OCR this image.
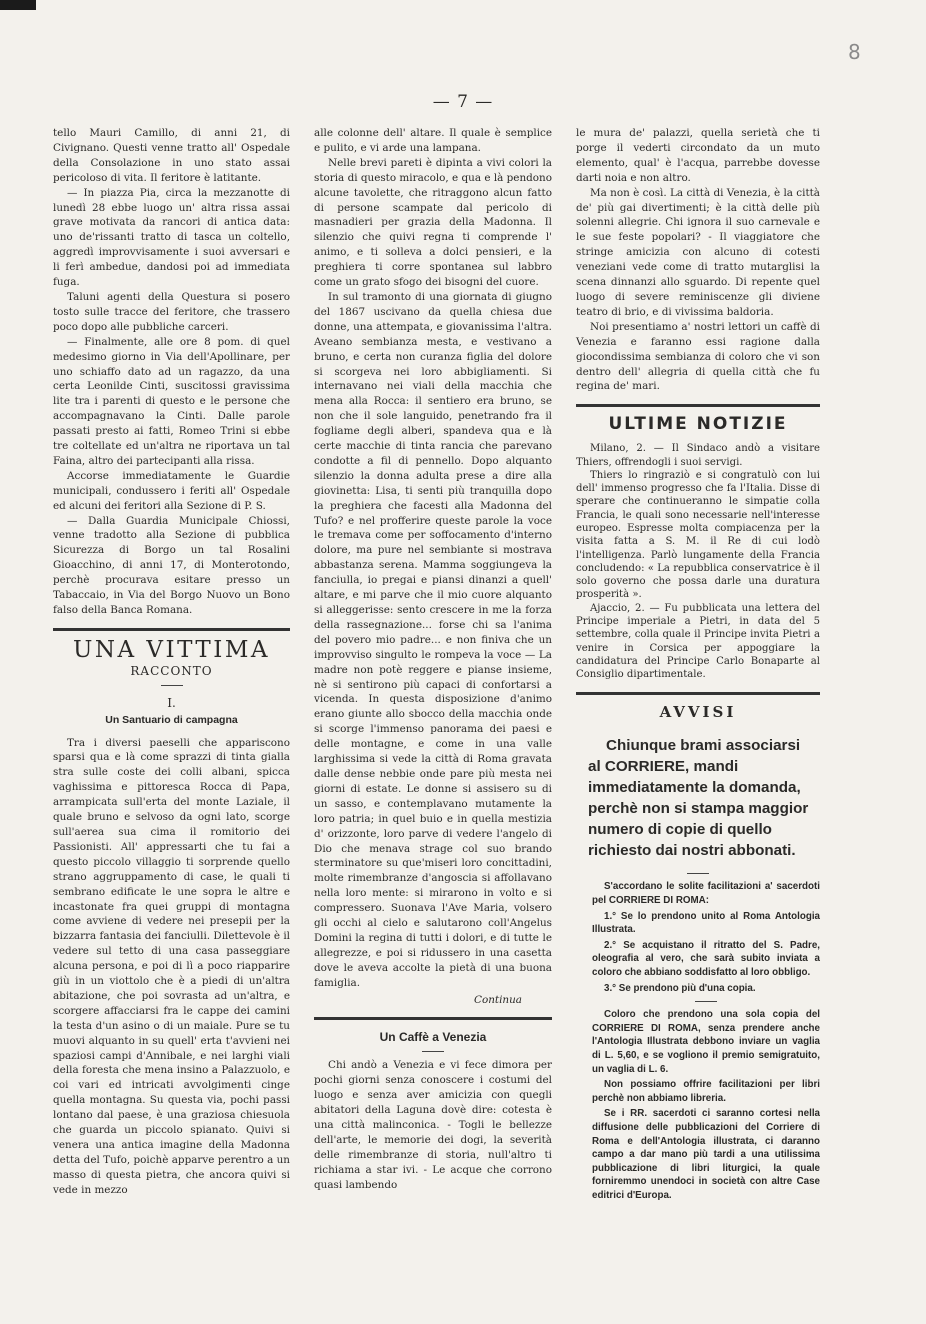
8
— 7 —

tello Mauri Camillo, di anni 21, di Civignano. Questi venne tratto all' Ospedale della Consolazione in uno stato assai pericoloso di vita. Il feritore è latitante.

— In piazza Pia, circa la mezzanotte di lunedì 28 ebbe luogo un' altra rissa assai grave motivata da rancori di antica data: uno de'rissanti tratto di tasca un coltello, aggredì improvvisamente i suoi avversari e li ferì ambedue, dandosi poi ad immediata fuga.

Taluni agenti della Questura si posero tosto sulle tracce del feritore, che trassero poco dopo alle pubbliche carceri.

— Finalmente, alle ore 8 pom. di quel medesimo giorno in Via dell'Apollinare, per uno schiaffo dato ad un ragazzo, da una certa Leonilde Cinti, suscitossi gravissima lite tra i parenti di questo e le persone che accompagnavano la Cinti. Dalle parole passati presto ai fatti, Romeo Trini si ebbe tre coltellate ed un'altra ne riportava un tal Faina, altro dei partecipanti alla rissa.

Accorse immediatamente le Guardie municipali, condussero i feriti all' Ospedale ed alcuni dei feritori alla Sezione di P. S.

— Dalla Guardia Municipale Chiossi, venne tradotto alla Sezione di pubblica Sicurezza di Borgo un tal Rosalini Gioacchino, di anni 17, di Monterotondo, perchè procurava esitare presso un Tabaccaio, in Via del Borgo Nuovo un Bono falso della Banca Romana.

UNA VITTIMA
RACCONTO
I.
Un Santuario di campagna

Tra i diversi paeselli che appariscono sparsi qua e là come sprazzi di tinta gialla stra sulle coste dei colli albani, spicca vaghissima e pittoresca Rocca di Papa, arrampicata sull'erta del monte Laziale, il quale bruno e selvoso da ogni lato, scorge sull'aerea sua cima il romitorio dei Passionisti. All' appressarti che tu fai a questo piccolo villaggio ti sorprende quello strano aggruppamento di case, le quali ti sembrano edificate le une sopra le altre e incastonate fra quei gruppi di montagna come avviene di vedere nei presepii per la bizzarra fantasia dei fanciulli. Dilettevole è il vedere sul tetto di una casa passeggiare alcuna persona, e poi di lì a poco riapparire giù in un viottolo che è a piedi di un'altra abitazione, che poi sovrasta ad un'altra, e scorgere affacciarsi fra le cappe dei camini la testa d'un asino o di un maiale. Pure se tu muovi alquanto in su quell' erta t'avvieni nei spaziosi campi d'Annibale, e nei larghi viali della foresta che mena insino a Palazzuolo, e coi vari ed intricati avvolgimenti cinge quella montagna. Su questa via, pochi passi lontano dal paese, è una graziosa chiesuola che guarda un piccolo spianato. Quivi si venera una antica imagine della Madonna detta del Tufo, poichè apparve perentro a un masso di questa pietra, che ancora quivi si vede in mezzo

alle colonne dell' altare. Il quale è semplice e pulito, e vi arde una lampana.

Nelle brevi pareti è dipinta a vivi colori la storia di questo miracolo, e qua e là pendono alcune tavolette, che ritraggono alcun fatto di persone scampate dal pericolo di masnadieri per grazia della Madonna. Il silenzio che quivi regna ti comprende l' animo, e ti solleva a dolci pensieri, e la preghiera ti corre spontanea sul labbro come un grato sfogo dei bisogni del cuore.

In sul tramonto di una giornata di giugno del 1867 uscivano da quella chiesa due donne, una attempata, e giovanissima l'altra. Aveano sembianza mesta, e vestivano a bruno, e certa non curanza figlia del dolore si scorgeva nei loro abbigliamenti. Si internavano nei viali della macchia che mena alla Rocca: il sentiero era bruno, se non che il sole languido, penetrando fra il fogliame degli alberi, spandeva qua e là certe macchie di tinta rancia che parevano condotte a fil di pennello. Dopo alquanto silenzio la donna adulta prese a dire alla giovinetta: Lisa, ti senti più tranquilla dopo la preghiera che facesti alla Madonna del Tufo? e nel profferire queste parole la voce le tremava come per soffocamento d'interno dolore, ma pure nel sembiante si mostrava abbastanza serena. Mamma soggiungeva la fanciulla, io pregai e piansi dinanzi a quell' altare, e mi parve che il mio cuore alquanto si alleggerisse: sento crescere in me la forza della rassegnazione... forse chi sa l'anima del povero mio padre... e non finiva che un improvviso singulto le rompeva la voce — La madre non potè reggere e pianse insieme, nè si sentirono più capaci di confortarsi a vicenda. In questa disposizione d'animo erano giunte allo sbocco della macchia onde si scorge l'immenso panorama dei paesi e delle montagne, e come in una valle larghissima si vede la città di Roma gravata dalle dense nebbie onde pare più mesta nei giorni di estate. Le donne si assisero su di un sasso, e contemplavano mutamente la loro patria; in quel buio e in quella mestizia d' orizzonte, loro parve di vedere l'angelo di Dio che menava strage col suo brando sterminatore su que'miseri loro concittadini, molte rimembranze d'angoscia si affollavano nella loro mente: si mirarono in volto e si compressero. Suonava l'Ave Maria, volsero gli occhi al cielo e salutarono coll'Angelus Domini la regina di tutti i dolori, e di tutte le allegrezze, e poi si ridussero in una casetta dove le aveva accolte la pietà di una buona famiglia.

Continua
Un Caffè a Venezia

Chi andò a Venezia e vi fece dimora per pochi giorni senza conoscere i costumi del luogo e senza aver amicizia con quegli abitatori della Laguna dovè dire: cotesta è una città malinconica. - Togli le bellezze dell'arte, le memorie dei dogi, la severità delle rimembranze di storia, null'altro ti richiama a star ivi. - Le acque che corrono quasi lambendo

le mura de' palazzi, quella serietà che ti porge il vederti circondato da un muto elemento, qual' è l'acqua, parrebbe dovesse darti noia e non altro.

Ma non è così. La città di Venezia, è la città de' più gai divertimenti; è la città delle più solenni allegrie. Chi ignora il suo carnevale e le sue feste popolari? - Il viaggiatore che stringe amicizia con alcuno di cotesti veneziani vede come di tratto mutarglisi la scena dinnanzi allo sguardo. Di repente quel luogo di severe reminiscenze gli diviene teatro di brio, e di vivissima baldoria.

Noi presentiamo a' nostri lettori un caffè di Venezia e faranno essi ragione dalla giocondissima sembianza di coloro che vi son dentro dell' allegria di quella città che fu regina de' mari.

ULTIME NOTIZIE

Milano, 2. — Il Sindaco andò a visitare Thiers, offrendogli i suoi servigi.

Thiers lo ringraziò e si congratulò con lui dell' immenso progresso che fa l'Italia. Disse di sperare che continueranno le simpatie colla Francia, le quali sono necessarie nell'interesse europeo. Espresse molta compiacenza per la visita fatta a S. M. il Re di cui lodò l'intelligenza. Parlò lungamente della Francia concludendo: « La repubblica conservatrice è il solo governo che possa darle una duratura prosperità ».

Ajaccio, 2. — Fu pubblicata una lettera del Principe imperiale a Pietri, in data del 5 settembre, colla quale il Principe invita Pietri a venire in Corsica per appoggiare la candidatura del Principe Carlo Bonaparte al Consiglio dipartimentale.

AVVISI
Chiunque brami associarsi al CORRIERE, mandi immediatamente la domanda, perchè non si stampa maggior numero di copie di quello richiesto dai nostri abbonati.

S'accordano le solite facilitazioni a' sacerdoti pel CORRIERE DI ROMA:

1.° Se lo prendono unito al Roma Antologia Illustrata.

2.° Se acquistano il ritratto del S. Padre, oleografia al vero, che sarà subito inviata a coloro che abbiano soddisfatto al loro obbligo.

3.° Se prendono più d'una copia.

Coloro che prendono una sola copia del CORRIERE DI ROMA, senza prendere anche l'Antologia Illustrata debbono inviare un vaglia di L. 5,60, e se vogliono il premio semigratuito, un vaglia di L. 6.

Non possiamo offrire facilitazioni per libri perchè non abbiamo libreria.

Se i RR. sacerdoti ci saranno cortesi nella diffusione delle pubblicazioni del Corriere di Roma e dell'Antologia illustrata, ci daranno campo a dar mano più tardi a una utilissima pubblicazione di libri liturgici, la quale forniremmo unendoci in società con altre Case editrici d'Europa.
